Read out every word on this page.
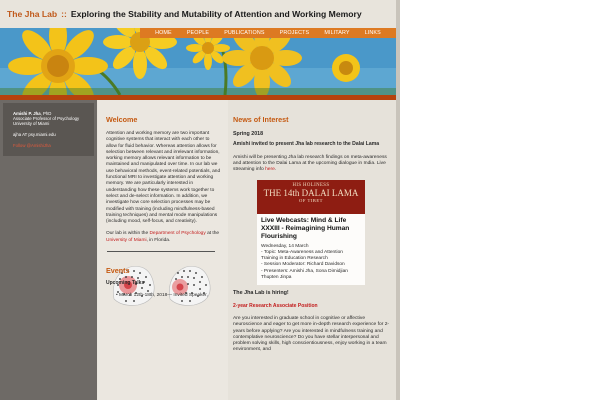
The Jha Lab :: Exploring the Stability and Mutability of Attention and Working Memory
HOME	PEOPLE	PUBLICATIONS	PROJECTS	MILITARY	LINKS
Amishi P. Jha, PhD
Associate Professor of Psychology
University of Miami
ajha AT psy.miami.edu
Follow @AmishiJha
Welcome
Attention and working memory are two important cognitive systems that interact with each other to allow for fluid behavior. Whereas attention allows for selection between relevant and irrelevant information, working memory allows relevant information to be maintained and manipulated over time. In our lab we use behavioral methods, event-related potentials, and functional MRI to investigate attention and working memory. We are particularly interested in understanding how these systems work together to select and de-select information. In addition, we investigate how core selection processes may be modified with training (including mindfulness-based training techniques) and mental mode manipulations (including mood, self-focus, and creativity).
Our lab is within the Department of Psychology at the University of Miami, in Florida.
Events
Upcoming Talks
• March 12th-18th, 2018— Invited Speaker,
News of Interest
Spring 2018
Amishi invited to present Jha lab research to the Dalai Lama
Amishi will be presenting Jha lab research findings on meta-awareness and attention to the Dalai Lama at the upcoming dialogue in India. Live streaming info here.
HIS HOLINESS
THE 14th DALAI LAMA
OF TIBET
Live Webcasts: Mind & Life XXXIII - Reimagining Human Flourishing
Wednesday, 14 March
- Topic: Meta-Awareness and Attention Training in Education Research
- Session Moderator: Richard Davidson
- Presenters: Amishi Jha, Sona Dimidjian Thupten Jinpa
The Jha Lab is hiring!
2-year Research Associate Position
Are you interested in graduate school in cognitive or affective neuroscience and eager to get more in-depth research experience for 2-years before applying? Are you interested in mindfulness training and contemplative neuroscience? Do you have stellar interpersonal and problem solving skills, high conscientiousness, enjoy working in a team environment, and
